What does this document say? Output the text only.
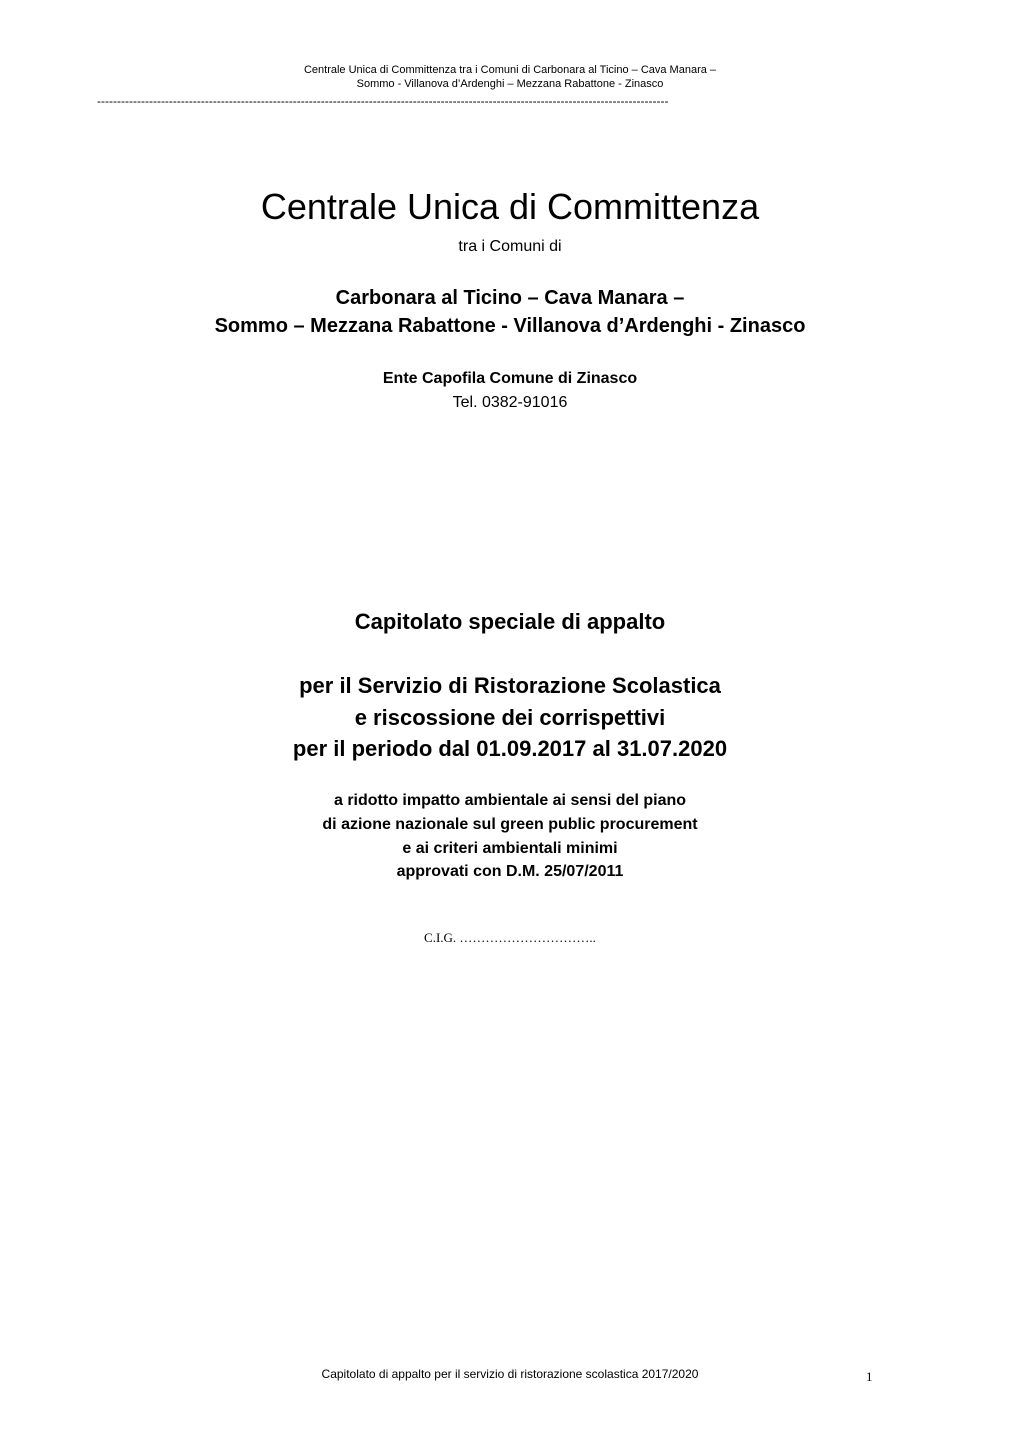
Centrale Unica di Committenza tra i Comuni di Carbonara al Ticino – Cava Manara –
Sommo - Villanova d’Ardenghi – Mezzana Rabattone - Zinasco
-----------------------------------------------------------------------------------------------------------------------------------------------
Centrale Unica di Committenza
tra i Comuni di
Carbonara al Ticino – Cava Manara –
Sommo – Mezzana Rabattone - Villanova d’Ardenghi - Zinasco
Ente Capofila Comune di Zinasco
Tel. 0382-91016
Capitolato speciale di appalto
per il Servizio di Ristorazione Scolastica
e riscossione dei corrispettivi
per il periodo dal 01.09.2017 al 31.07.2020
a ridotto impatto ambientale ai sensi del piano
di azione nazionale sul green public procurement
e ai criteri ambientali minimi
approvati con D.M. 25/07/2011
C.I.G. …………………………..
Capitolato di appalto per il servizio di ristorazione scolastica 2017/2020	1
